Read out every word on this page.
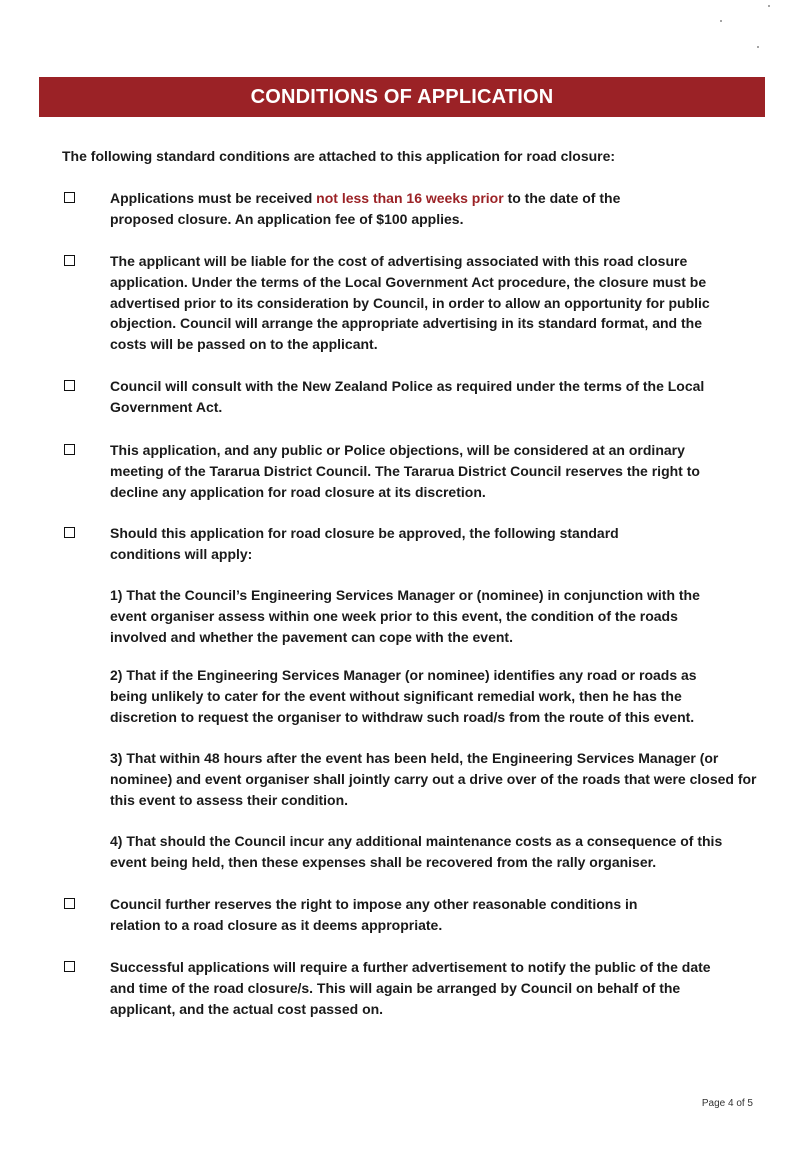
CONDITIONS OF APPLICATION
The following standard conditions are attached to this application for road closure:
Applications must be received not less than 16 weeks prior to the date of the proposed closure. An application fee of $100 applies.
The applicant will be liable for the cost of advertising associated with this road closure application. Under the terms of the Local Government Act procedure, the closure must be advertised prior to its consideration by Council, in order to allow an opportunity for public objection. Council will arrange the appropriate advertising in its standard format, and the costs will be passed on to the applicant.
Council will consult with the New Zealand Police as required under the terms of the Local Government Act.
This application, and any public or Police objections, will be considered at an ordinary meeting of the Tararua District Council. The Tararua District Council reserves the right to decline any application for road closure at its discretion.
Should this application for road closure be approved, the following standard conditions will apply:
1) That the Council’s Engineering Services Manager or (nominee) in conjunction with the event organiser assess within one week prior to this event, the condition of the roads involved and whether the pavement can cope with the event.
2) That if the Engineering Services Manager (or nominee) identifies any road or roads as being unlikely to cater for the event without significant remedial work, then he has the discretion to request the organiser to withdraw such road/s from the route of this event.
3) That within 48 hours after the event has been held, the Engineering Services Manager (or nominee) and event organiser shall jointly carry out a drive over of the roads that were closed for this event to assess their condition.
4) That should the Council incur any additional maintenance costs as a consequence of this event being held, then these expenses shall be recovered from the rally organiser.
Council further reserves the right to impose any other reasonable conditions in relation to a road closure as it deems appropriate.
Successful applications will require a further advertisement to notify the public of the date and time of the road closure/s. This will again be arranged by Council on behalf of the applicant, and the actual cost passed on.
Page 4 of 5
